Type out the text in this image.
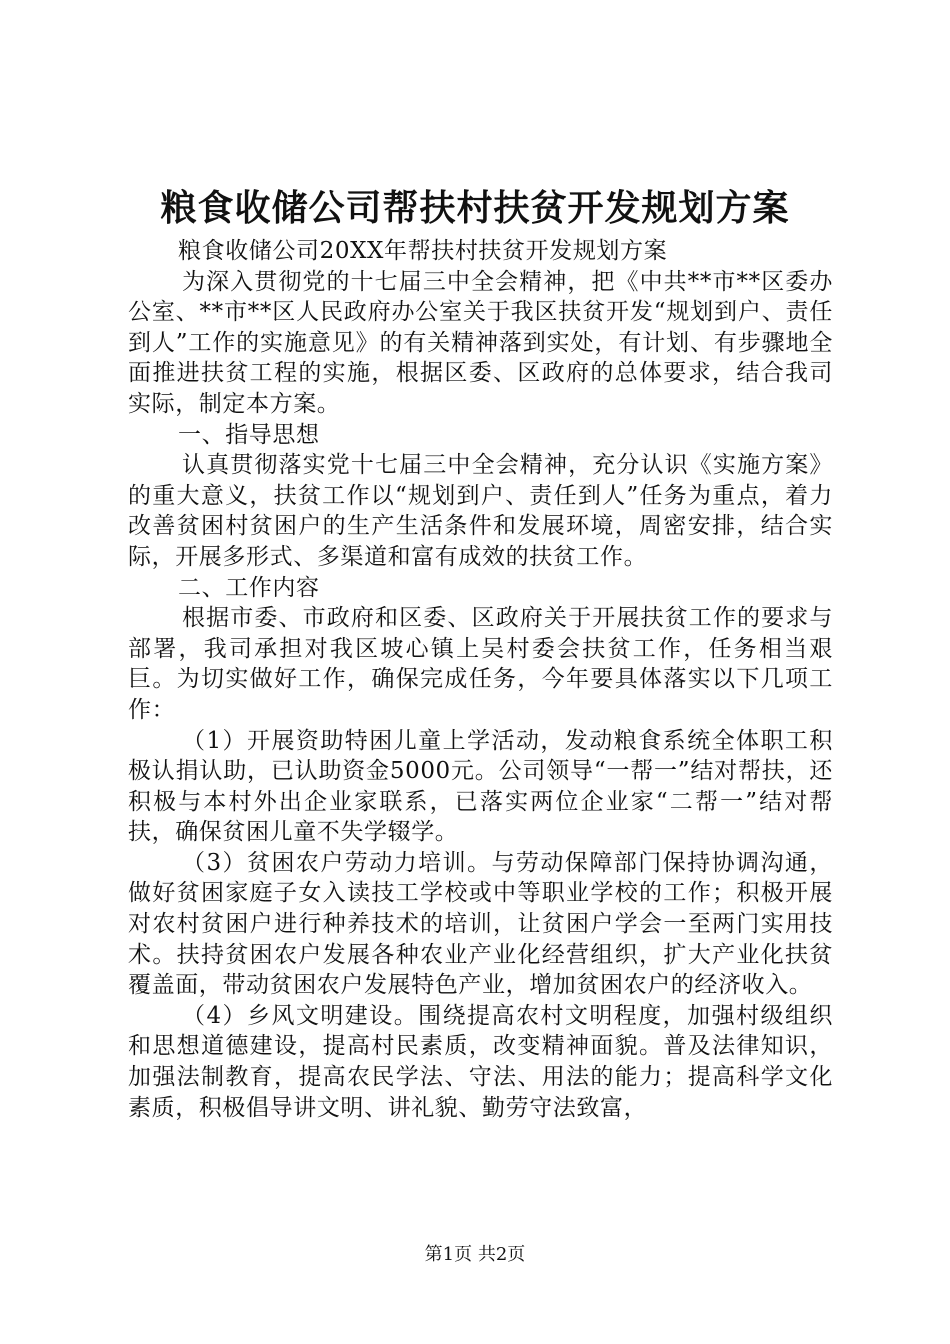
粮食收储公司帮扶村扶贫开发规划方案

粮食收储公司20XX年帮扶村扶贫开发规划方案

为深入贯彻党的十七届三中全会精神，把《中共**市**区委办公室、**市**区人民政府办公室关于我区扶贫开发“规划到户、责任到人”工作的实施意见》的有关精神落到实处，有计划、有步骤地全面推进扶贫工程的实施，根据区委、区政府的总体要求，结合我司实际，制定本方案。

一、指导思想

认真贯彻落实党十七届三中全会精神，充分认识《实施方案》的重大意义，扶贫工作以“规划到户、责任到人”任务为重点，着力改善贫困村贫困户的生产生活条件和发展环境，周密安排，结合实际，开展多形式、多渠道和富有成效的扶贫工作。

二、工作内容

根据市委、市政府和区委、区政府关于开展扶贫工作的要求与部署，我司承担对我区坡心镇上吴村委会扶贫工作，任务相当艰巨。为切实做好工作，确保完成任务，今年要具体落实以下几项工作：

（1）开展资助特困儿童上学活动，发动粮食系统全体职工积极认捐认助，已认助资金5000元。公司领导“一帮一”结对帮扶，还积极与本村外出企业家联系，已落实两位企业家“二帮一”结对帮扶，确保贫困儿童不失学辍学。

（3）贫困农户劳动力培训。与劳动保障部门保持协调沟通，做好贫困家庭子女入读技工学校或中等职业学校的工作；积极开展对农村贫困户进行种养技术的培训，让贫困户学会一至两门实用技术。扶持贫困农户发展各种农业产业化经营组织，扩大产业化扶贫覆盖面，带动贫困农户发展特色产业，增加贫困农户的经济收入。

（4）乡风文明建设。围绕提高农村文明程度，加强村级组织和思想道德建设，提高村民素质，改变精神面貌。普及法律知识，加强法制教育，提高农民学法、守法、用法的能力；提高科学文化素质，积极倡导讲文明、讲礼貌、勤劳守法致富，

第1页 共2页
